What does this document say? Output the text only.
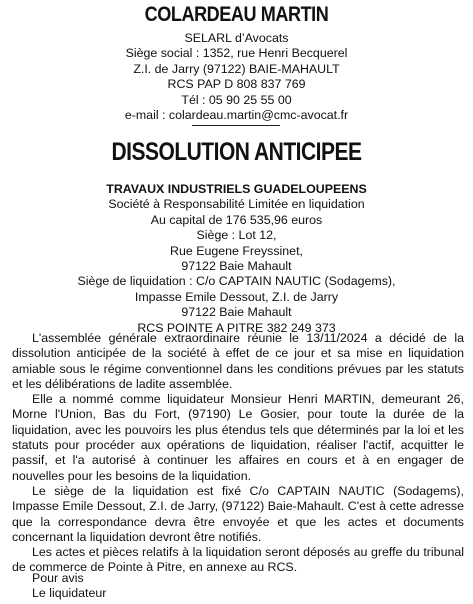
COLARDEAU MARTIN
SELARL d’Avocats
Siège social : 1352, rue Henri Becquerel
Z.I. de Jarry (97122) BAIE-MAHAULT
RCS PAP D 808 837 769
Tél : 05 90 25 55 00
e-mail : colardeau.martin@cmc-avocat.fr
DISSOLUTION ANTICIPEE
TRAVAUX INDUSTRIELS GUADELOUPEENS
Société à Responsabilité Limitée en liquidation
Au capital de 176 535,96 euros
Siège : Lot 12,
Rue Eugene Freyssinet,
97122 Baie Mahault
Siège de liquidation : C/o CAPTAIN NAUTIC (Sodagems),
Impasse Emile Dessout, Z.I. de Jarry
97122 Baie Mahault
RCS POINTE A PITRE 382 249 373

L'assemblée générale extraordinaire réunie le 13/11/2024 a décidé de la dissolution anticipée de la société à effet de ce jour et sa mise en liquidation amiable sous le régime conventionnel dans les conditions prévues par les statuts et les délibérations de ladite assemblée.

Elle a nommé comme liquidateur Monsieur Henri MARTIN, demeurant 26, Morne l'Union, Bas du Fort, (97190) Le Gosier, pour toute la durée de la liquidation, avec les pouvoirs les plus étendus tels que déterminés par la loi et les statuts pour procéder aux opérations de liquidation, réaliser l'actif, acquitter le passif, et l'a autorisé à continuer les affaires en cours et à en engager de nouvelles pour les besoins de la liquidation.

Le siège de la liquidation est fixé C/o CAPTAIN NAUTIC (Sodagems), Impasse Emile Dessout, Z.I. de Jarry, (97122) Baie-Mahault. C'est à cette adresse que la correspondance devra être envoyée et que les actes et documents concernant la liquidation devront être notifiés.

Les actes et pièces relatifs à la liquidation seront déposés au greffe du tribunal de commerce de Pointe à Pitre, en annexe au RCS.

Pour avis
Le liquidateur
